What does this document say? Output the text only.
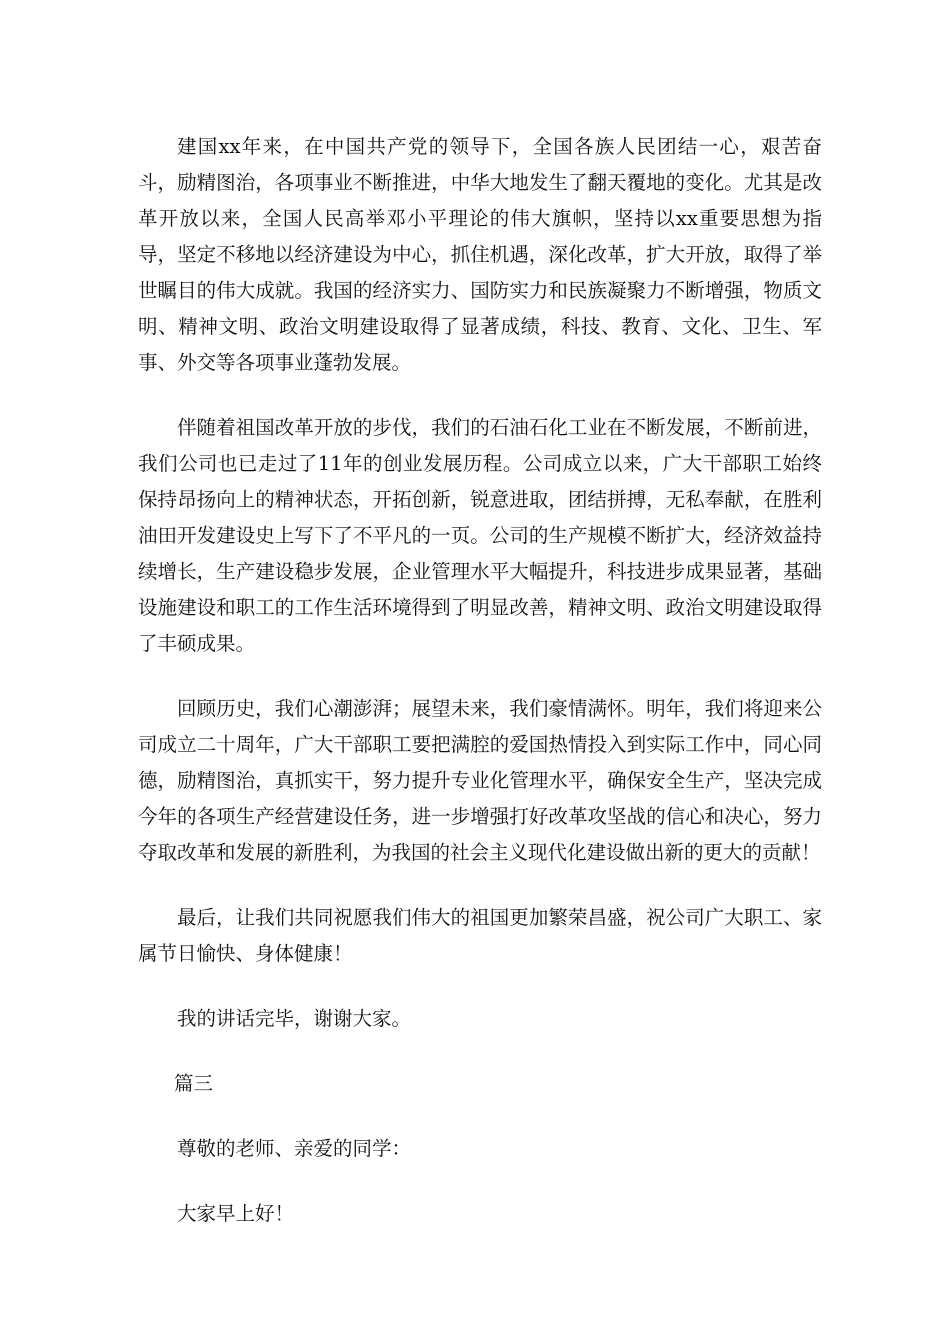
建国xx年来，在中国共产党的领导下，全国各族人民团结一心，艰苦奋斗，励精图治，各项事业不断推进，中华大地发生了翻天覆地的变化。尤其是改革开放以来，全国人民高举邓小平理论的伟大旗帜，坚持以xx重要思想为指导，坚定不移地以经济建设为中心，抓住机遇，深化改革，扩大开放，取得了举世瞩目的伟大成就。我国的经济实力、国防实力和民族凝聚力不断增强，物质文明、精神文明、政治文明建设取得了显著成绩，科技、教育、文化、卫生、军事、外交等各项事业蓬勃发展。

伴随着祖国改革开放的步伐，我们的石油石化工业在不断发展，不断前进，我们公司也已走过了11年的创业发展历程。公司成立以来，广大干部职工始终保持昂扬向上的精神状态，开拓创新，锐意进取，团结拼搏，无私奉献，在胜利油田开发建设史上写下了不平凡的一页。公司的生产规模不断扩大，经济效益持续增长，生产建设稳步发展，企业管理水平大幅提升，科技进步成果显著，基础设施建设和职工的工作生活环境得到了明显改善，精神文明、政治文明建设取得了丰硕成果。

回顾历史，我们心潮澎湃；展望未来，我们豪情满怀。明年，我们将迎来公司成立二十周年，广大干部职工要把满腔的爱国热情投入到实际工作中，同心同德，励精图治，真抓实干，努力提升专业化管理水平，确保安全生产，坚决完成今年的各项生产经营建设任务，进一步增强打好改革攻坚战的信心和决心，努力夺取改革和发展的新胜利，为我国的社会主义现代化建设做出新的更大的贡献！

最后，让我们共同祝愿我们伟大的祖国更加繁荣昌盛，祝公司广大职工、家属节日愉快、身体健康！

我的讲话完毕，谢谢大家。

篇三

尊敬的老师、亲爱的同学：

大家早上好！
